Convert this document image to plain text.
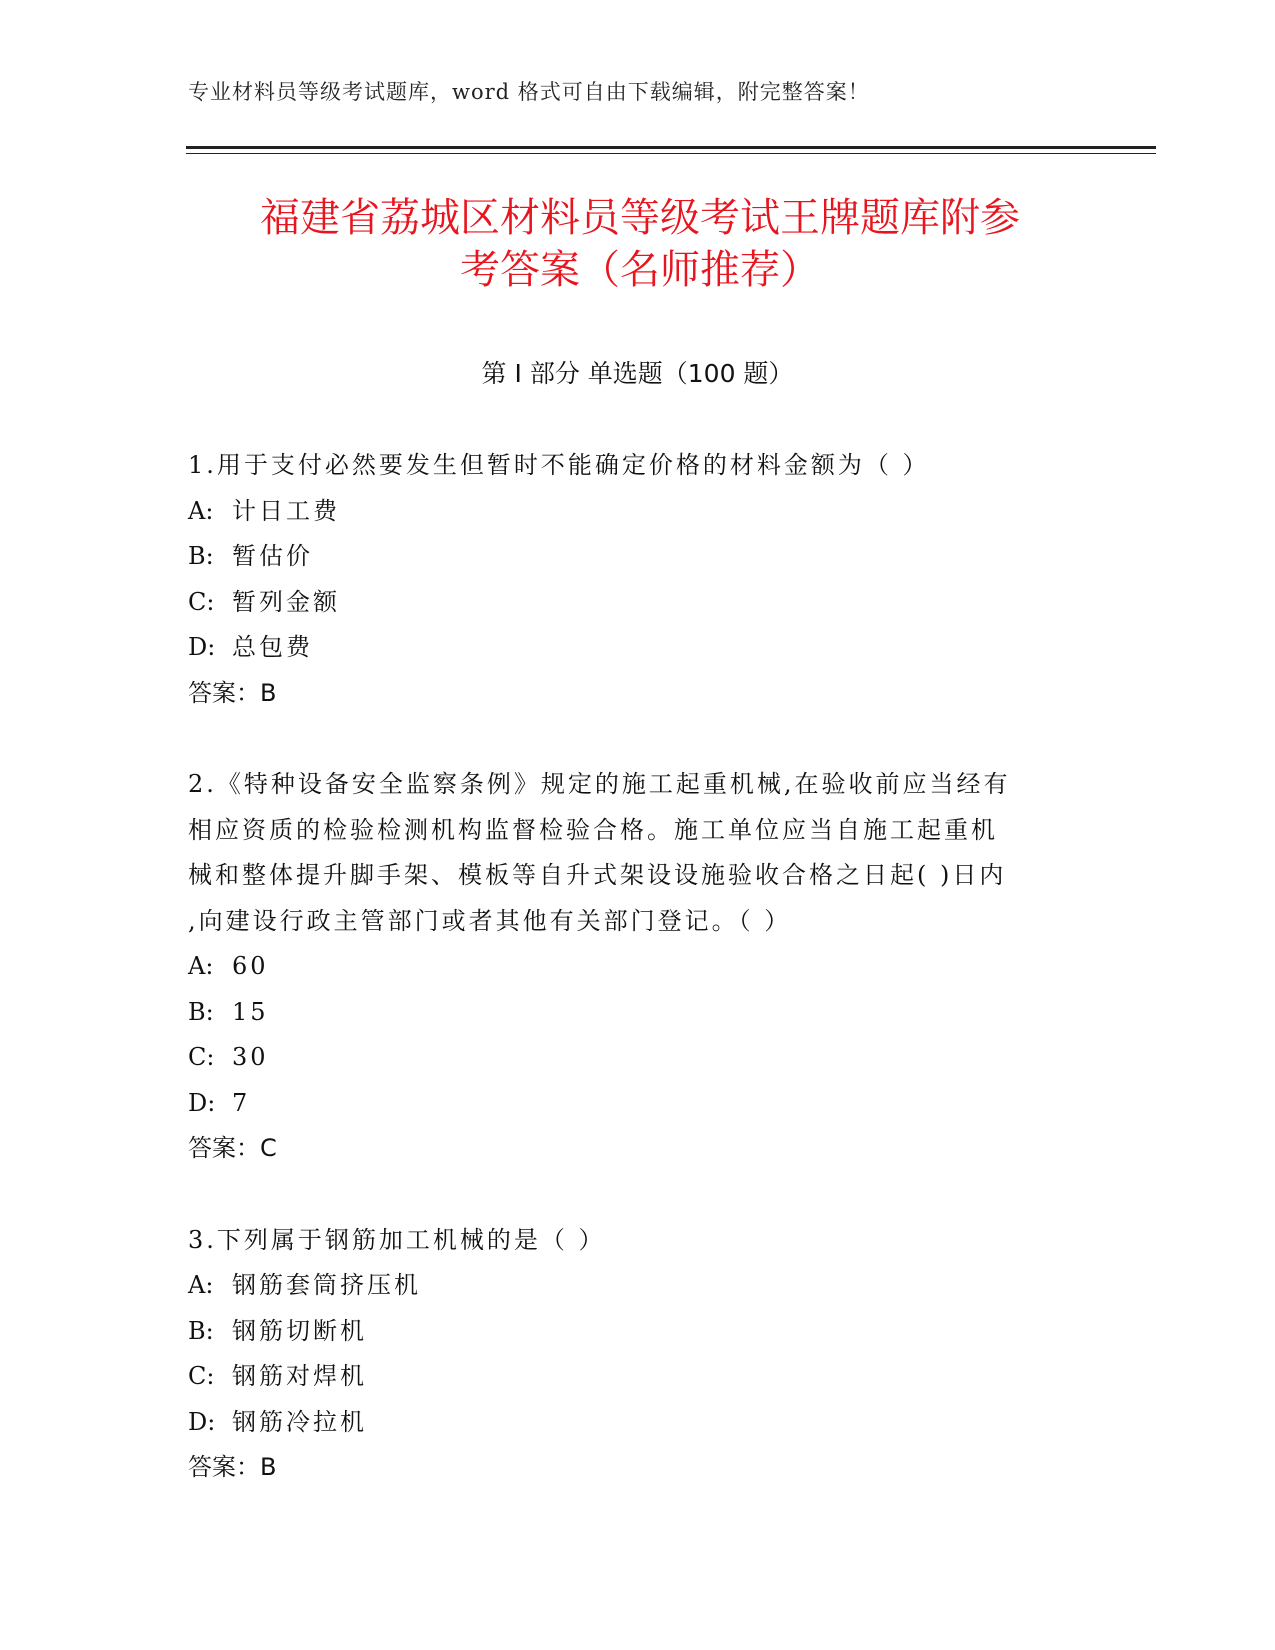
专业材料员等级考试题库，word 格式可自由下载编辑，附完整答案！
福建省荔城区材料员等级考试王牌题库附参
考答案（名师推荐）
第 I 部分 单选题（100 题）

1.用于支付必然要发生但暂时不能确定价格的材料金额为（ ）

A: 计日工费
B: 暂估价
C: 暂列金额
D: 总包费
答案：B

2.《特种设备安全监察条例》规定的施工起重机械,在验收前应当经有

相应资质的检验检测机构监督检验合格。施工单位应当自施工起重机

械和整体提升脚手架、模板等自升式架设设施验收合格之日起( )日内

,向建设行政主管部门或者其他有关部门登记。（ ）

A: 60
B: 15
C: 30
D: 7
答案：C

3.下列属于钢筋加工机械的是（ ）

A: 钢筋套筒挤压机
B: 钢筋切断机
C: 钢筋对焊机
D: 钢筋冷拉机
答案：B
